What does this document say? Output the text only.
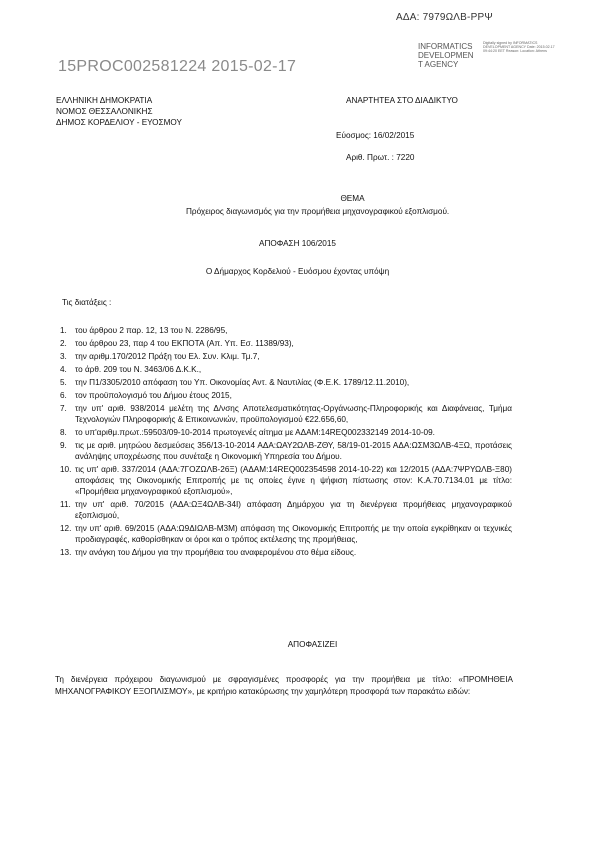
ΑΔΑ: 7979ΩΛΒ-ΡΡΨ
15PROC002581224 2015-02-17
INFORMATICS DEVELOPMEN T AGENCY
Digitally signed by INFORMATICS DEVELOPMENT AGENCY Date: 2015.02.17 09:44:20 EET Reason: Location: Athens
ΕΛΛΗΝΙΚΗ ΔΗΜΟΚΡΑΤΙΑ
ΝΟΜΟΣ ΘΕΣΣΑΛΟΝΙΚΗΣ
ΔΗΜΟΣ ΚΟΡΔΕΛΙΟΥ - ΕΥΟΣΜΟΥ
ΑΝΑΡΤΗΤΕΑ ΣΤΟ ΔΙΑΔΙΚΤΥΟ
Εύοσμος: 16/02/2015
Αριθ. Πρωτ. : 7220
ΘΕΜΑ
Πρόχειρος διαγωνισμός για την προμήθεια μηχανογραφικού εξοπλισμού.
ΑΠΟΦΑΣΗ 106/2015
Ο Δήμαρχος Κορδελιού - Ευόσμου έχοντας υπόψη
Τις διατάξεις :
1. του άρθρου 2 παρ. 12, 13 του Ν. 2286/95,
2. του άρθρου 23, παρ 4 του ΕΚΠΟΤΑ (Απ. Υπ. Εσ. 11389/93),
3. την αριθμ.170/2012 Πράξη του Ελ. Συν. Κλιμ. Τμ.7,
4. το άρθ. 209 του Ν. 3463/06 Δ.Κ.Κ.,
5. την Π1/3305/2010 απόφαση του Υπ. Οικονομίας Αντ. & Ναυτιλίας (Φ.Ε.Κ. 1789/12.11.2010),
6. τον προϋπολογισμό του Δήμου έτους 2015,
7. την υπ' αριθ. 938/2014 μελέτη της Δ/νσης Αποτελεσματικότητας-Οργάνωσης-Πληροφορικής και Διαφάνειας, Τμήμα Τεχνολογιών Πληροφορικής & Επικοινωνιών, προϋπολογισμού €22.656,60,
8. το υπ'αριθμ.πρωτ.:59503/09-10-2014 πρωτογενές αίτημα με ΑΔΑΜ:14REQ002332149 2014-10-09.
9. τις με αριθ. μητρώου δεσμεύσεις 356/13-10-2014 ΑΔΑ:ΩΑΥ2ΩΛΒ-ΖΘΥ, 58/19-01-2015 ΑΔΑ:ΩΣΜ3ΩΛΒ-4ΞΩ, προτάσεις ανάληψης υποχρέωσης που συνέταξε η Οικονομική Υπηρεσία του Δήμου.
10. τις υπ' αριθ. 337/2014 (ΑΔΑ:7ΓΟΖΩΛΒ-26Ξ) (ΑΔΑΜ:14REQ002354598 2014-10-22) και 12/2015 (ΑΔΑ:7ΨΡΥΩΛΒ-Ξ80) αποφάσεις της Οικονομικής Επιτροπής με τις οποίες έγινε η ψήφιση πίστωσης στον: Κ.Α.70.7134.01 με τίτλο: «Προμήθεια μηχανογραφικού εξοπλισμού»,
11. την υπ' αριθ. 70/2015 (ΑΔΑ:ΩΞ4ΩΛΒ-34Ι) απόφαση Δημάρχου για τη διενέργεια προμήθειας μηχανογραφικού εξοπλισμού,
12. την υπ' αριθ. 69/2015 (ΑΔΑ:Ω9ΔΙΩΛΒ-Μ3Μ) απόφαση της Οικονομικής Επιτροπής με την οποία εγκρίθηκαν οι τεχνικές προδιαγραφές, καθορίσθηκαν οι όροι και ο τρόπος εκτέλεσης της προμήθειας,
13. την ανάγκη του Δήμου για την προμήθεια του αναφερομένου στο θέμα είδους.
ΑΠΟΦΑΣΙΖΕΙ
Τη διενέργεια πρόχειρου διαγωνισμού με σφραγισμένες προσφορές για την προμήθεια με τίτλο: «ΠΡΟΜΗΘΕΙΑ ΜΗΧΑΝΟΓΡΑΦΙΚΟΥ ΕΞΟΠΛΙΣΜΟΥ», με κριτήριο κατακύρωσης την χαμηλότερη προσφορά των παρακάτω ειδών:
